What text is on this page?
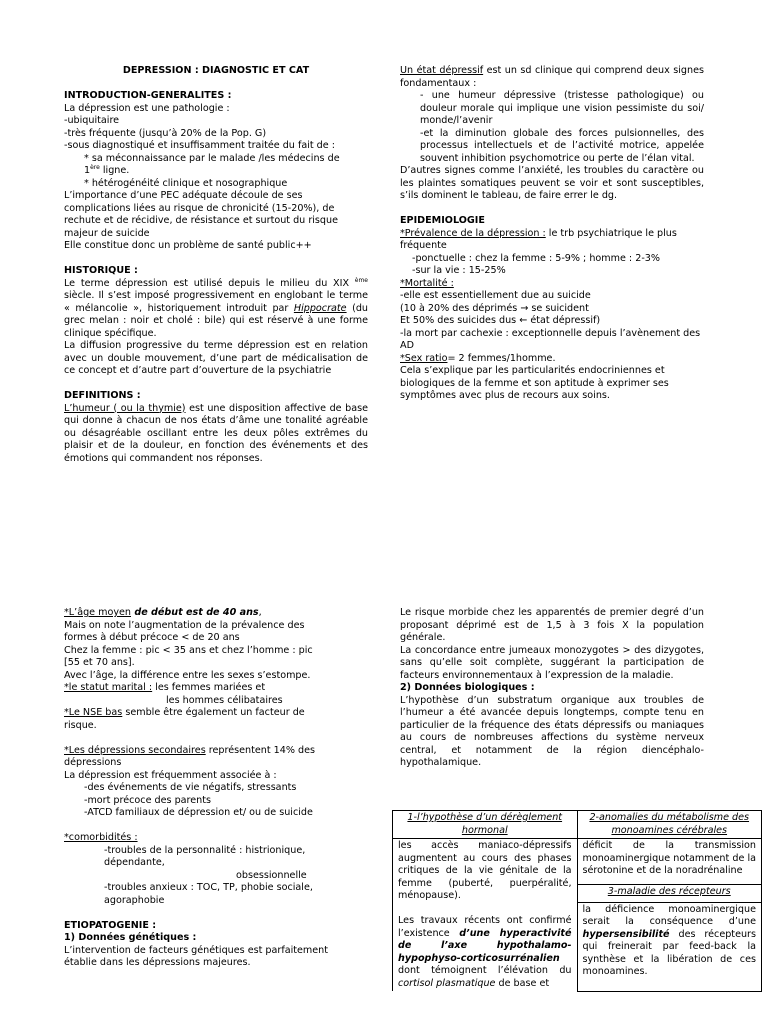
DEPRESSION : DIAGNOSTIC ET CAT

INTRODUCTION-GENERALITES :

La dépression est une pathologie :

-ubiquitaire

-très fréquente (jusqu’à 20% de la Pop. G)

-sous diagnostiqué et insuffisamment traitée du fait de :

* sa méconnaissance par le malade /les médecins de

1ère ligne.

* hétérogénéité clinique et nosographique

L’importance d’une PEC adéquate découle de ses complications liées au risque de chronicité (15-20%), de rechute et de récidive, de résistance et surtout du risque majeur de suicide

Elle constitue donc un problème de santé public++

HISTORIQUE :

Le terme dépression est utilisé depuis le milieu du XIX $^{ème}$ siècle. Il s’est imposé progressivement en englobant le terme « mélancolie », historiquement introduit par Hippocrate (du grec melan : noir et cholé : bile) qui est réservé à une forme clinique spécifique.

La diffusion progressive du terme dépression est en relation avec un double mouvement, d’une part de médicalisation de ce concept et d’autre part d’ouverture de la psychiatrie

DEFINITIONS :

L’humeur ( ou la thymie) est une disposition affective de base qui donne à chacun de nos états d’âme une tonalité agréable ou désagréable oscillant entre les deux pôles extrêmes du plaisir et de la douleur, en fonction des événements et des émotions qui commandent nos réponses.

Un état dépressif est un sd clinique qui comprend deux signes fondamentaux :

- une humeur dépressive (tristesse pathologique) ou douleur morale qui implique une vision pessimiste du soi/ monde/l’avenir

-et la diminution globale des forces pulsionnelles, des processus intellectuels et de l’activité motrice, appelée souvent inhibition psychomotrice ou perte de l’élan vital.

D’autres signes comme l’anxiété, les troubles du caractère ou les plaintes somatiques peuvent se voir et sont susceptibles, s’ils dominent le tableau, de faire errer le dg.

EPIDEMIOLOGIE

*Prévalence de la dépression : le trb psychiatrique le plus fréquente

-ponctuelle : chez la femme : 5-9% ; homme : 2-3%

-sur la vie : 15-25%

*Mortalité :

-elle est essentiellement due au suicide

(10 à 20% des déprimés → se suicident

Et 50% des suicides dus ← état dépressif)

-la mort par cachexie : exceptionnelle depuis l’avènement des AD

*Sex ratio= 2 femmes/1homme.

Cela s’explique par les particularités endocriniennes et biologiques de la femme et son aptitude à exprimer ses symptômes avec plus de recours aux soins.

*L’âge moyen de début est de 40 ans,

Mais on note l’augmentation de la prévalence des formes à début précoce < de 20 ans

Chez la femme : pic < 35 ans et chez l’homme : pic [55 et 70 ans].

Avec l’âge, la différence entre les sexes s’estompe.

*le statut marital : les femmes mariées et

les hommes célibataires

*Le NSE bas semble être également un facteur de risque.

*Les dépressions secondaires représentent 14% des dépressions

La dépression est fréquemment associée à :

-des événements de vie négatifs, stressants

-mort précoce des parents

-ATCD familiaux de dépression et/ ou de suicide

*comorbidités :

-troubles de la personnalité : histrionique, dépendante,

obsessionnelle

-troubles anxieux : TOC, TP, phobie sociale, agoraphobie

ETIOPATOGENIE :

1) Données génétiques :

L’intervention de facteurs génétiques est parfaitement établie dans les dépressions majeures.

Le risque morbide chez les apparentés de premier degré d’un proposant déprimé est de 1,5 à 3 fois X la population générale.

La concordance entre jumeaux monozygotes > des dizygotes, sans qu’elle soit complète, suggérant la participation de facteurs environnementaux à l’expression de la maladie.

2) Données biologiques :

L’hypothèse d’un substratum organique aux troubles de l’humeur a été avancée depuis longtemps, compte tenu en particulier de la fréquence des états dépressifs ou maniaques au cours de nombreuses affections du système nerveux central, et notamment de la région diencéphalo-hypothalamique.

1-l’hypothèse d’un dérèglement hormonal	2-anomalies du métabolisme des monoamines cérébrales

les accès maniaco-dépressifs augmentent au cours des phases critiques de la vie génitale de la femme (puberté, puerpéralité, ménopause).

Les travaux récents ont confirmé l’existence d’une hyperactivité de l’axe hypothalamo-hypophyso-corticosurrénalien dont témoignent l’élévation du cortisol plasmatique de base et	déficit de la transmission monoaminergique notamment de la sérotonine et de la noradrénaline
	3-maladie des récepteurs
	la déficience monoaminergique serait la conséquence d’une hypersensibilité des récepteurs qui freinerait par feed-back la synthèse et la libération de ces monoamines.
